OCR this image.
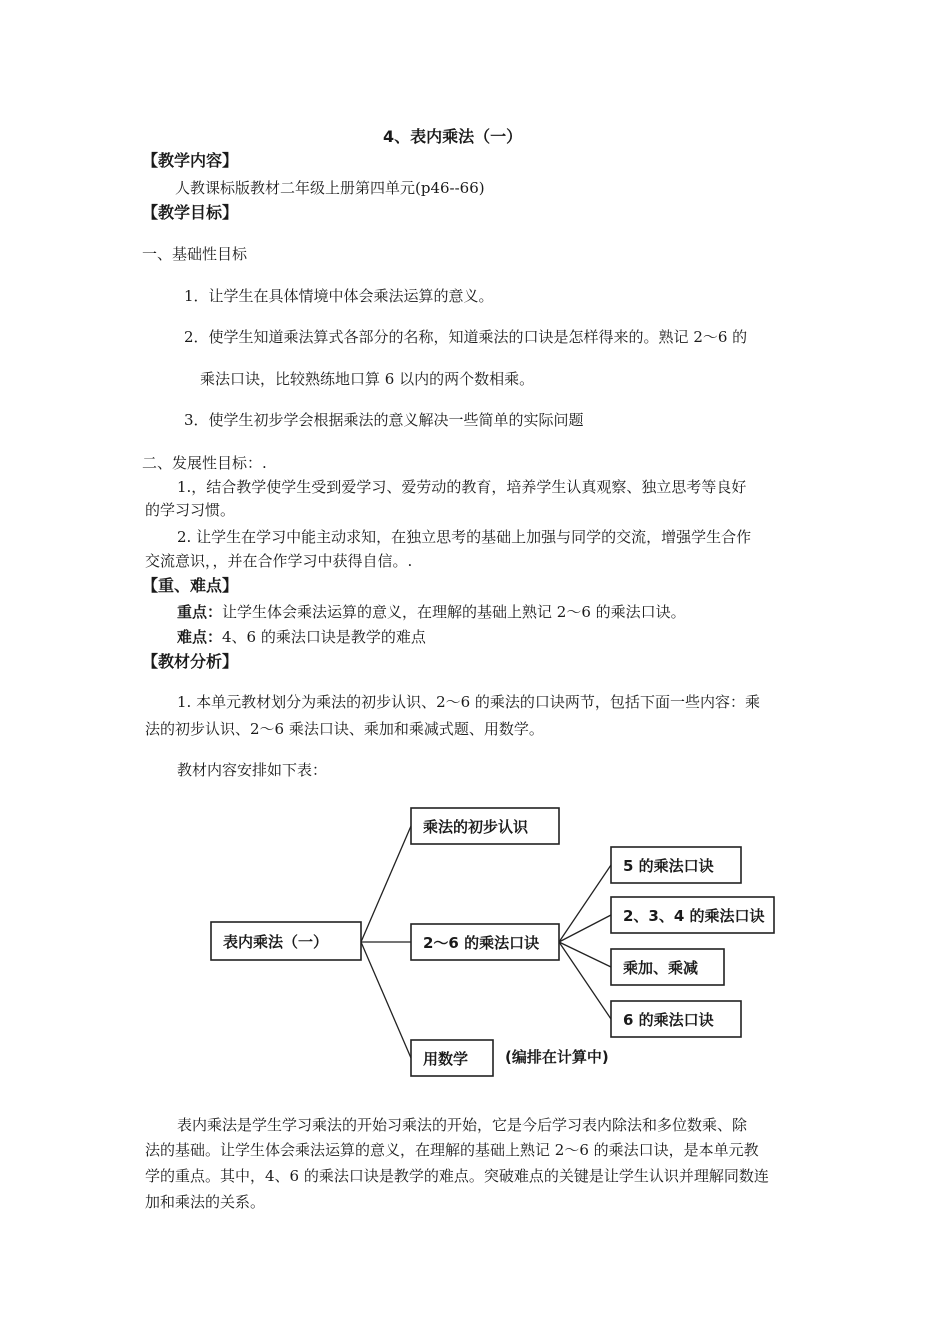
4、表内乘法（一）
【教学内容】
人教课标版教材二年级上册第四单元(p46--66)
【教学目标】
一、基础性目标
1．让学生在具体情境中体会乘法运算的意义。
2．使学生知道乘法算式各部分的名称，知道乘法的口诀是怎样得来的。熟记 2～6 的
乘法口诀，比较熟练地口算 6 以内的两个数相乘。
3．使学生初步学会根据乘法的意义解决一些简单的实际问题
二、发展性目标：.
1.，结合教学使学生受到爱学习、爱劳动的教育，培养学生认真观察、独立思考等良好
的学习习惯。
2. 让学生在学习中能主动求知，在独立思考的基础上加强与同学的交流，增强学生合作
交流意识，，并在合作学习中获得自信。.
【重、难点】
重点：让学生体会乘法运算的意义，在理解的基础上熟记 2～6 的乘法口诀。
难点：4、6 的乘法口诀是教学的难点
【教材分析】
1. 本单元教材划分为乘法的初步认识、2～6 的乘法的口诀两节，包括下面一些内容：乘
法的初步认识、2～6 乘法口诀、乘加和乘减式题、用数学。
教材内容安排如下表：
表内乘法（一）
乘法的初步认识
2～6 的乘法口诀
用数学
5 的乘法口诀
2、3、4 的乘法口诀
乘加、乘减
6 的乘法口诀
(编排在计算中)
表内乘法是学生学习乘法的开始习乘法的开始，它是今后学习表内除法和多位数乘、除
法的基础。让学生体会乘法运算的意义，在理解的基础上熟记 2～6 的乘法口诀，是本单元教
学的重点。其中，4、6 的乘法口诀是教学的难点。突破难点的关键是让学生认识并理解同数连
加和乘法的关系。
